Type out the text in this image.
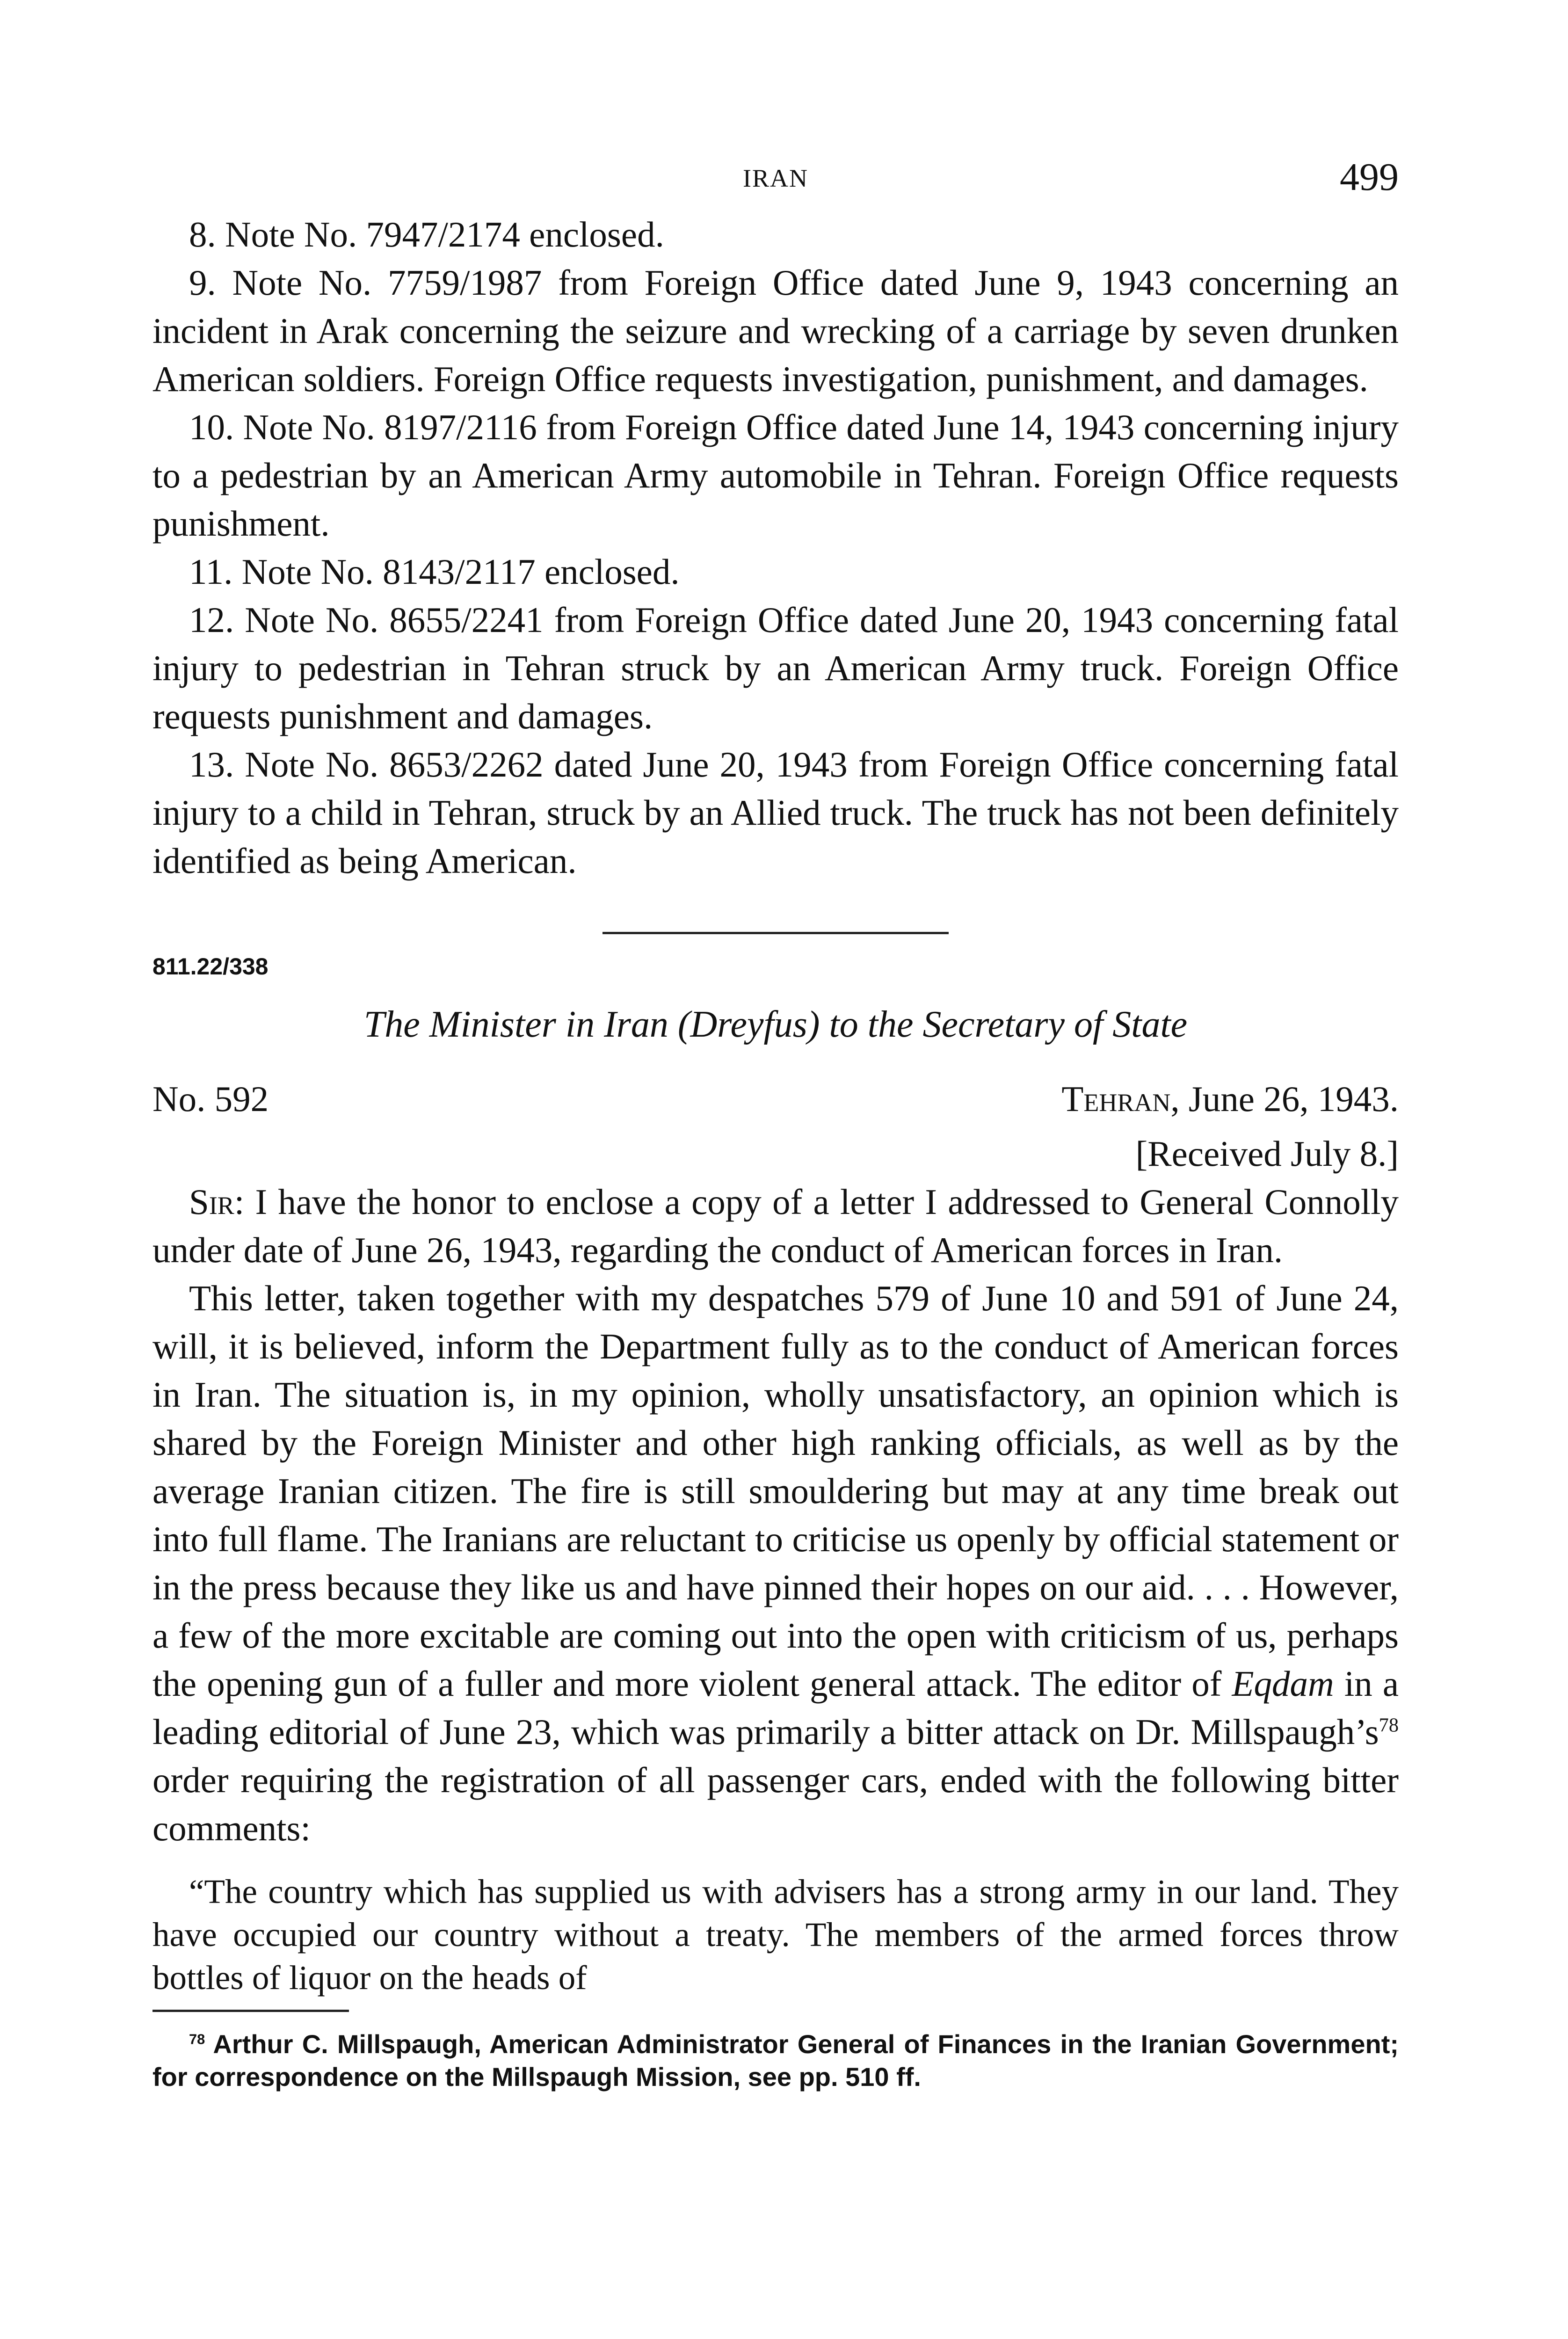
IRAN	499

8. Note No. 7947/2174 enclosed.

9. Note No. 7759/1987 from Foreign Office dated June 9, 1943 concerning an incident in Arak concerning the seizure and wrecking of a carriage by seven drunken American soldiers. Foreign Office requests investigation, punishment, and damages.

10. Note No. 8197/2116 from Foreign Office dated June 14, 1943 concerning injury to a pedestrian by an American Army automobile in Tehran. Foreign Office requests punishment.

11. Note No. 8143/2117 enclosed.

12. Note No. 8655/2241 from Foreign Office dated June 20, 1943 concerning fatal injury to pedestrian in Tehran struck by an American Army truck. Foreign Office requests punishment and damages.

13. Note No. 8653/2262 dated June 20, 1943 from Foreign Office concerning fatal injury to a child in Tehran, struck by an Allied truck. The truck has not been definitely identified as being American.

811.22/338
The Minister in Iran (Dreyfus) to the Secretary of State
No. 592	Tehran, June 26, 1943.
[Received July 8.]

Sir: I have the honor to enclose a copy of a letter I addressed to General Connolly under date of June 26, 1943, regarding the conduct of American forces in Iran.

This letter, taken together with my despatches 579 of June 10 and 591 of June 24, will, it is believed, inform the Department fully as to the conduct of American forces in Iran. The situation is, in my opinion, wholly unsatisfactory, an opinion which is shared by the Foreign Minister and other high ranking officials, as well as by the average Iranian citizen. The fire is still smouldering but may at any time break out into full flame. The Iranians are reluctant to criticise us openly by official statement or in the press because they like us and have pinned their hopes on our aid. . . . However, a few of the more excitable are coming out into the open with criticism of us, perhaps the opening gun of a fuller and more violent general attack. The editor of Eqdam in a leading editorial of June 23, which was primarily a bitter attack on Dr. $Millspaugh’s^{78}$ order requiring the registration of all passenger cars, ended with the following bitter comments:

“The country which has supplied us with advisers has a strong army in our land. They have occupied our country without a treaty. The members of the armed forces throw bottles of liquor on the heads of

$^{78}$ Arthur C. Millspaugh, American Administrator General of Finances in the Iranian Government; for correspondence on the Millspaugh Mission, see pp. 510 ff.
